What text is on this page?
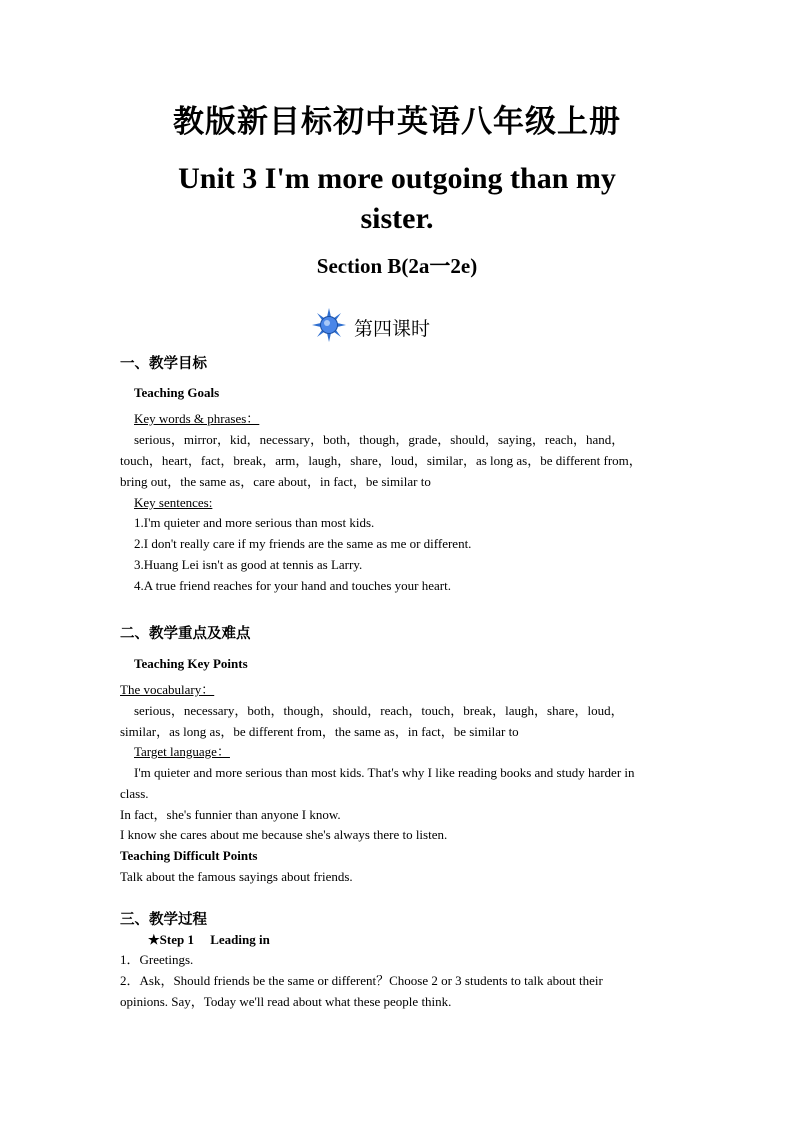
教版新目标初中英语八年级上册
Unit 3 I'm more outgoing than my
sister.
Section B(2a一2e)
第四课时
一、教学目标
Teaching Goals
Key words & phrases：
serious，mirror，kid，necessary，both，though，grade，should，saying，reach，hand，
touch，heart，fact，break，arm，laugh，share，loud，similar，as long as，be different from，
bring out，the same as，care about，in fact，be similar to
Key sentences:
1.I'm quieter and more serious than most kids.
2.I don't really care if my friends are the same as me or different.
3.Huang Lei isn't as good at tennis as Larry.
4.A true friend reaches for your hand and touches your heart.
二、教学重点及难点
Teaching Key Points
The vocabulary：
serious，necessary，both，though，should，reach，touch，break，laugh，share，loud，
similar，as long as，be different from，the same as，in fact，be similar to
Target language：
I'm quieter and more serious than most kids. That's why I like reading books and study harder in
class.
In fact，she's funnier than anyone I know.
I know she cares about me because she's always there to listen.
Teaching Difficult Points
Talk about the famous sayings about friends.
三、教学过程
★Step 1　 Leading in
1．Greetings.
2．Ask，Should friends be the same or different？Choose 2 or 3 students to talk about their
opinions. Say，Today we'll read about what these people think.
